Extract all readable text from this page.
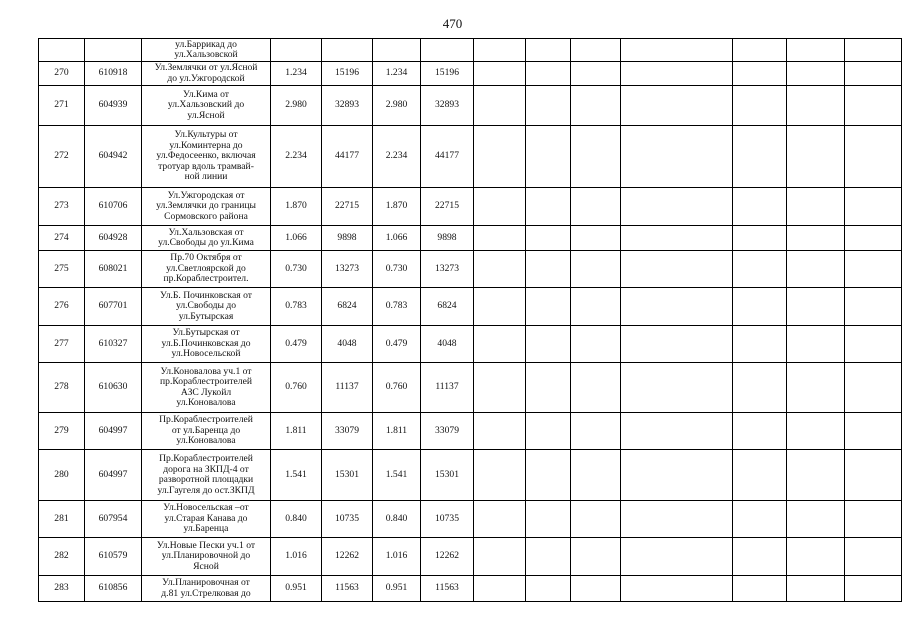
470

		ул.Баррикад до
ул.Хальзовской											

270	610918	Ул.Землячки от ул.Ясной
до ул.Ужгородской	1.234	15196	1.234	15196							
271	604939	Ул.Кима от
ул.Хальзовский до
ул.Ясной	2.980	32893	2.980	32893							
272	604942	Ул.Культуры от
ул.Коминтерна до
ул.Федосеенко, включая
тротуар вдоль трамвай-
ной линии	2.234	44177	2.234	44177							
273	610706	Ул.Ужгородская от
ул.Землячки до границы
Сормовского района	1.870	22715	1.870	22715							
274	604928	Ул.Хальзовская от
ул.Свободы до ул.Кима	1.066	9898	1.066	9898							
275	608021	Пр.70 Октября от
ул.Светлоярской до
пр.Кораблестроител.	0.730	13273	0.730	13273							
276	607701	Ул.Б. Починковская от
ул.Свободы до
ул.Бутырская	0.783	6824	0.783	6824							
277	610327	Ул.Бутырская от
ул.Б.Починковская до
ул.Новосельской	0.479	4048	0.479	4048							
278	610630	Ул.Коновалова уч.1 от
пр.Кораблестроителей
АЗС Лукойл
ул.Коновалова	0.760	11137	0.760	11137							
279	604997	Пр.Кораблестроителей
от ул.Баренца до
ул.Коновалова	1.811	33079	1.811	33079							
280	604997	Пр.Кораблестроителей
дорога на ЗКПД-4 от
разворотной площадки
ул.Гаугеля до ост.ЗКПД	1.541	15301	1.541	15301							
281	607954	Ул.Новосельская –от
ул.Старая Канава до
ул.Баренца	0.840	10735	0.840	10735							
282	610579	Ул.Новые Пески уч.1 от
ул.Планировочной до
Ясной	1.016	12262	1.016	12262							
283	610856	Ул.Планировочная от
д.81 ул.Стрелковая до	0.951	11563	0.951	11563							
